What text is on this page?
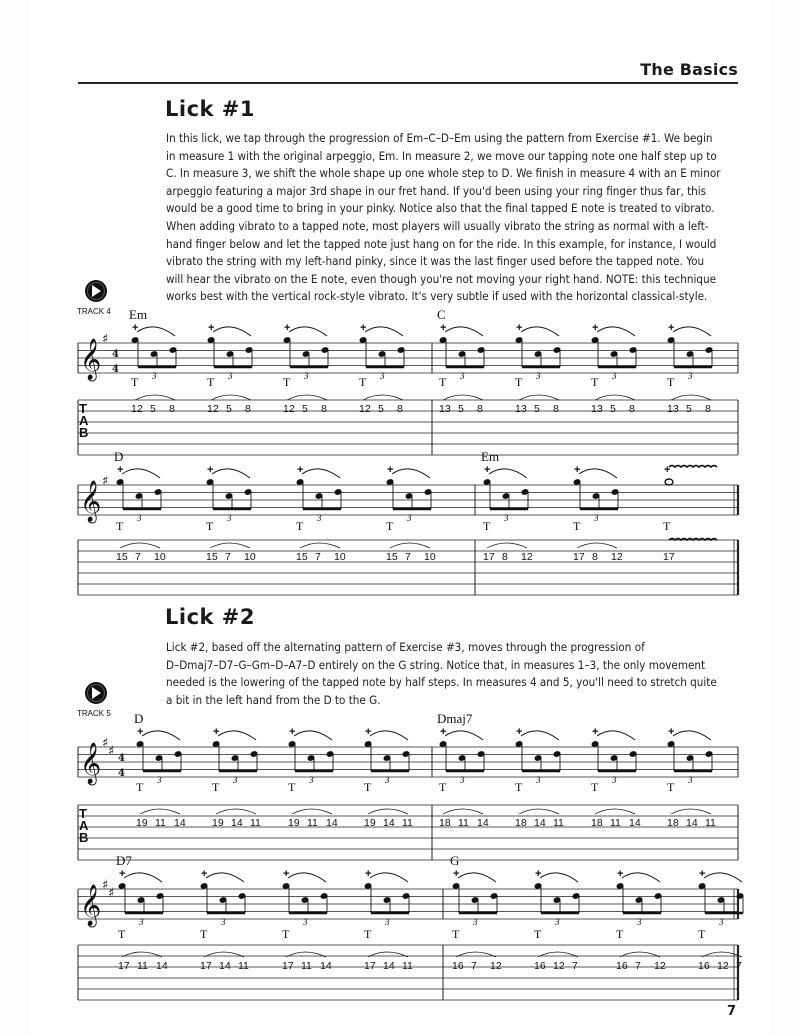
The Basics
Lick #1
In this lick, we tap through the progression of Em–C–D–Em using the pattern from Exercise #1. We begin
in measure 1 with the original arpeggio, Em. In measure 2, we move our tapping note one half step up to
C. In measure 3, we shift the whole shape up one whole step to D. We finish in measure 4 with an E minor
arpeggio featuring a major 3rd shape in our fret hand. If you'd been using your ring finger thus far, this
would be a good time to bring in your pinky. Notice also that the final tapped E note is treated to vibrato.
When adding vibrato to a tapped note, most players will usually vibrato the string as normal with a left-
hand finger below and let the tapped note just hang on for the ride. In this example, for instance, I would
vibrato the string with my left-hand pinky, since it was the last finger used before the tapped note. You
will hear the vibrato on the E note, even though you're not moving your right hand. NOTE: this technique
works best with the vertical rock-style vibrato. It's very subtle if used with the horizontal classical-style.
TRACK 4
Lick #2
Lick #2, based off the alternating pattern of Exercise #3, moves through the progression of
D–Dmaj7–D7–G–Gm–D–A7–D entirely on the G string. Notice that, in measures 1–3, the only movement
needed is the lowering of the tapped note by half steps. In measures 4 and 5, you'll need to stretch quite
a bit in the left hand from the D to the G.
TRACK 5
𝄞 ♯
4
4
T
A
B
Em
+
T 3
12 5 8
+
T 3
12 5 8
+
T 3
12 5 8
+
T 3
12 5 8
C
+
T 3
13 5 8
+
T 3
13 5 8
+
T 3
13 5 8
+
T 3
13 5 8
𝄞 ♯
D
+
T
3
15 7 10
+
T
3
15 7 10
+
T
3
15 7 10
+
T
3
15 7 10
Em
+
T
3
17 8 12
+
T
3
17 8 12
+
T
17
𝄞 ♯
♯ 4
4
T
A
B
D
+
T 3
19 11 14
+
T 3
19 14 11
+
T 3
19 11 14
+
T 3
19 14 11
Dmaj7
+
T 3
18 11 14
+
T 3
18 14 11
+
T 3
18 11 14
+
T 3
18 14 11
𝄞 ♯
♯
D7
+
T
3
17 11 14
+
T
3
17 14 11
+
T
3
17 11 14
+
T
3
17 14 11
G
+
T
3
16 7 12
+
T
3
16 12 7
+
T
3
16 7 12
+
T
3
16 12 7
7
